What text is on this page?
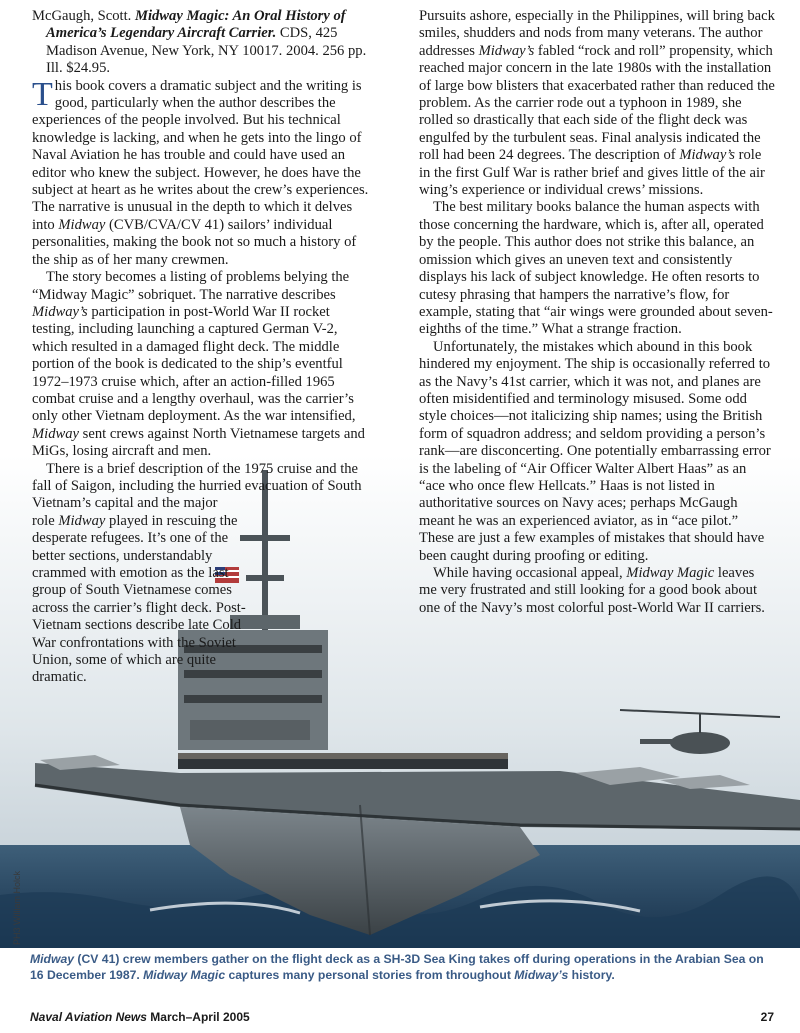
McGaugh, Scott. Midway Magic: An Oral History of America’s Legendary Aircraft Carrier. CDS, 425 Madison Avenue, New York, NY 10017. 2004. 256 pp. Ill. $24.95.

This book covers a dramatic subject and the writing is good, particularly when the author describes the experiences of the people involved. But his technical knowledge is lacking, and when he gets into the lingo of Naval Aviation he has trouble and could have used an editor who knew the subject. However, he does have the subject at heart as he writes about the crew’s experiences. The narrative is unusual in the depth to which it delves into Midway (CVB/CVA/CV 41) sailors’ individual personalities, making the book not so much a history of the ship as of her many crewmen.

The story becomes a listing of problems belying the “Midway Magic” sobriquet. The narrative describes Midway’s participation in post-World War II rocket testing, including launching a captured German V-2, which resulted in a damaged flight deck. The middle portion of the book is dedicated to the ship’s eventful 1972–1973 cruise which, after an action-filled 1965 combat cruise and a lengthy overhaul, was the carrier’s only other Vietnam deployment. As the war intensified, Midway sent crews against North Vietnamese targets and MiGs, losing aircraft and men.

There is a brief description of the 1975 cruise and the fall of Saigon, including the hurried evacuation of South Vietnam’s capital and the major

role Midway played in rescuing the desperate refugees. It’s one of the better sections, understandably crammed with emotion as the last group of South Vietnamese comes across the carrier’s flight deck. Post-Vietnam sections describe late Cold War confrontations with the Soviet Union, some of which are quite dramatic.

Pursuits ashore, especially in the Philippines, will bring back smiles, shudders and nods from many veterans. The author addresses Midway’s fabled “rock and roll” propensity, which reached major concern in the late 1980s with the installation of large bow blisters that exacerbated rather than reduced the problem. As the carrier rode out a typhoon in 1989, she rolled so drastically that each side of the flight deck was engulfed by the turbulent seas. Final analysis indicated the roll had been 24 degrees. The description of Midway’s role in the first Gulf War is rather brief and gives little of the air wing’s experience or individual crews’ missions.

The best military books balance the human aspects with those concerning the hardware, which is, after all, operated by the people. This author does not strike this balance, an omission which gives an uneven text and consistently displays his lack of subject knowledge. He often resorts to cutesy phrasing that hampers the narrative’s flow, for example, stating that “air wings were grounded about seven-eighths of the time.” What a strange fraction.

Unfortunately, the mistakes which abound in this book hindered my enjoyment. The ship is occasionally referred to as the Navy’s 41st carrier, which it was not, and planes are often misidentified and terminology misused. Some odd style choices—not italicizing ship names; using the British form of squadron address; and seldom providing a person’s rank—are disconcerting. One potentially embarrassing error is the labeling of “Air Officer Walter Albert Haas” as an “ace who once flew Hellcats.” Haas is not listed in authoritative sources on Navy aces; perhaps McGaugh meant he was an experienced aviator, as in “ace pilot.” These are just a few examples of mistakes that should have been caught during proofing or editing.

While having occasional appeal, Midway Magic leaves me very frustrated and still looking for a good book about one of the Navy’s most colorful post-World War II carriers.

PH3 William Holck
Midway (CV 41) crew members gather on the flight deck as a SH-3D Sea King takes off during operations in the Arabian Sea on 16 December 1987. Midway Magic captures many personal stories from throughout Midway’s history.
Naval Aviation News March–April 2005	27
